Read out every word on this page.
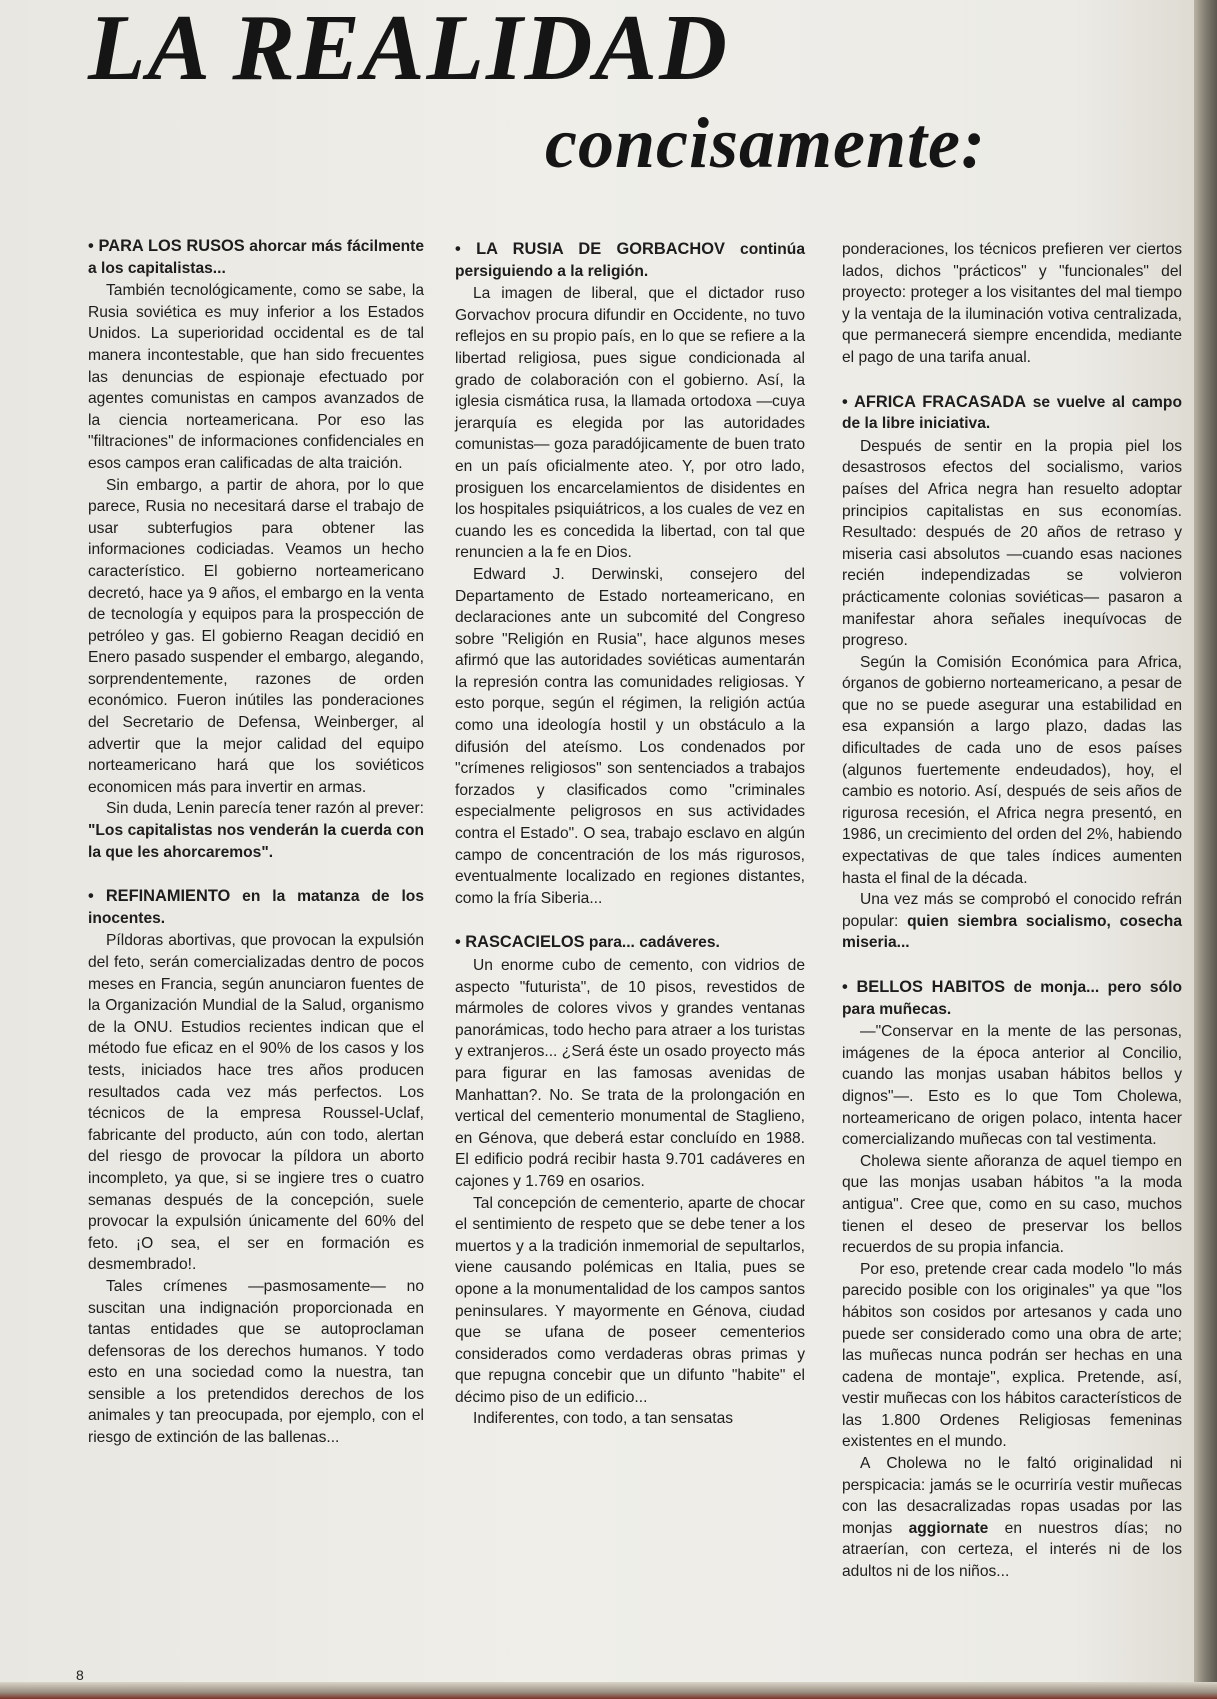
LA REALIDAD
concisamente:

• PARA LOS RUSOS ahorcar más fácilmente a los capitalistas...

También tecnológicamente, como se sabe, la Rusia soviética es muy inferior a los Estados Unidos. La superioridad occidental es de tal manera incontestable, que han sido frecuentes las denuncias de espionaje efectuado por agentes comunistas en campos avanzados de la ciencia norteamericana. Por eso las "filtraciones" de informaciones confidenciales en esos campos eran calificadas de alta traición.

Sin embargo, a partir de ahora, por lo que parece, Rusia no necesitará darse el trabajo de usar subterfugios para obtener las informaciones codiciadas. Veamos un hecho característico. El gobierno norteamericano decretó, hace ya 9 años, el embargo en la venta de tecnología y equipos para la prospección de petróleo y gas. El gobierno Reagan decidió en Enero pasado suspender el embargo, alegando, sorprendentemente, razones de orden económico. Fueron inútiles las ponderaciones del Secretario de Defensa, Weinberger, al advertir que la mejor calidad del equipo norteamericano hará que los soviéticos economicen más para invertir en armas.

Sin duda, Lenin parecía tener razón al prever: "Los capitalistas nos venderán la cuerda con la que les ahorcaremos".

• REFINAMIENTO en la matanza de los inocentes.

Píldoras abortivas, que provocan la expulsión del feto, serán comercializadas dentro de pocos meses en Francia, según anunciaron fuentes de la Organización Mundial de la Salud, organismo de la ONU. Estudios recientes indican que el método fue eficaz en el 90% de los casos y los tests, iniciados hace tres años producen resultados cada vez más perfectos. Los técnicos de la empresa Roussel-Uclaf, fabricante del producto, aún con todo, alertan del riesgo de provocar la píldora un aborto incompleto, ya que, si se ingiere tres o cuatro semanas después de la concepción, suele provocar la expulsión únicamente del 60% del feto. ¡O sea, el ser en formación es desmembrado!.

Tales crímenes —pasmosamente— no suscitan una indignación proporcionada en tantas entidades que se autoproclaman defensoras de los derechos humanos. Y todo esto en una sociedad como la nuestra, tan sensible a los pretendidos derechos de los animales y tan preocupada, por ejemplo, con el riesgo de extinción de las ballenas...

• LA RUSIA DE GORBACHOV continúa persiguiendo a la religión.

La imagen de liberal, que el dictador ruso Gorvachov procura difundir en Occidente, no tuvo reflejos en su propio país, en lo que se refiere a la libertad religiosa, pues sigue condicionada al grado de colaboración con el gobierno. Así, la iglesia cismática rusa, la llamada ortodoxa —cuya jerarquía es elegida por las autoridades comunistas— goza paradójicamente de buen trato en un país oficialmente ateo. Y, por otro lado, prosiguen los encarcelamientos de disidentes en los hospitales psiquiátricos, a los cuales de vez en cuando les es concedida la libertad, con tal que renuncien a la fe en Dios.

Edward J. Derwinski, consejero del Departamento de Estado norteamericano, en declaraciones ante un subcomité del Congreso sobre "Religión en Rusia", hace algunos meses afirmó que las autoridades soviéticas aumentarán la represión contra las comunidades religiosas. Y esto porque, según el régimen, la religión actúa como una ideología hostil y un obstáculo a la difusión del ateísmo. Los condenados por "crímenes religiosos" son sentenciados a trabajos forzados y clasificados como "criminales especialmente peligrosos en sus actividades contra el Estado". O sea, trabajo esclavo en algún campo de concentración de los más rigurosos, eventualmente localizado en regiones distantes, como la fría Siberia...

• RASCACIELOS para... cadáveres.

Un enorme cubo de cemento, con vidrios de aspecto "futurista", de 10 pisos, revestidos de mármoles de colores vivos y grandes ventanas panorámicas, todo hecho para atraer a los turistas y extranjeros... ¿Será éste un osado proyecto más para figurar en las famosas avenidas de Manhattan?. No. Se trata de la prolongación en vertical del cementerio monumental de Staglieno, en Génova, que deberá estar concluído en 1988. El edificio podrá recibir hasta 9.701 cadáveres en cajones y 1.769 en osarios.

Tal concepción de cementerio, aparte de chocar el sentimiento de respeto que se debe tener a los muertos y a la tradición inmemorial de sepultarlos, viene causando polémicas en Italia, pues se opone a la monumentalidad de los campos santos peninsulares. Y mayormente en Génova, ciudad que se ufana de poseer cementerios considerados como verdaderas obras primas y que repugna concebir que un difunto "habite" el décimo piso de un edificio...

Indiferentes, con todo, a tan sensatas

ponderaciones, los técnicos prefieren ver ciertos lados, dichos "prácticos" y "funcionales" del proyecto: proteger a los visitantes del mal tiempo y la ventaja de la iluminación votiva centralizada, que permanecerá siempre encendida, mediante el pago de una tarifa anual.

• AFRICA FRACASADA se vuelve al campo de la libre iniciativa.

Después de sentir en la propia piel los desastrosos efectos del socialismo, varios países del Africa negra han resuelto adoptar principios capitalistas en sus economías. Resultado: después de 20 años de retraso y miseria casi absolutos —cuando esas naciones recién independizadas se volvieron prácticamente colonias soviéticas— pasaron a manifestar ahora señales inequívocas de progreso.

Según la Comisión Económica para Africa, órganos de gobierno norteamericano, a pesar de que no se puede asegurar una estabilidad en esa expansión a largo plazo, dadas las dificultades de cada uno de esos países (algunos fuertemente endeudados), hoy, el cambio es notorio. Así, después de seis años de rigurosa recesión, el Africa negra presentó, en 1986, un crecimiento del orden del 2%, habiendo expectativas de que tales índices aumenten hasta el final de la década.

Una vez más se comprobó el conocido refrán popular: quien siembra socialismo, cosecha miseria...

• BELLOS HABITOS de monja... pero sólo para muñecas.

—"Conservar en la mente de las personas, imágenes de la época anterior al Concilio, cuando las monjas usaban hábitos bellos y dignos"—. Esto es lo que Tom Cholewa, norteamericano de origen polaco, intenta hacer comercializando muñecas con tal vestimenta.

Cholewa siente añoranza de aquel tiempo en que las monjas usaban hábitos "a la moda antigua". Cree que, como en su caso, muchos tienen el deseo de preservar los bellos recuerdos de su propia infancia.

Por eso, pretende crear cada modelo "lo más parecido posible con los originales" ya que "los hábitos son cosidos por artesanos y cada uno puede ser considerado como una obra de arte; las muñecas nunca podrán ser hechas en una cadena de montaje", explica. Pretende, así, vestir muñecas con los hábitos característicos de las 1.800 Ordenes Religiosas femeninas existentes en el mundo.

A Cholewa no le faltó originalidad ni perspicacia: jamás se le ocurriría vestir muñecas con las desacralizadas ropas usadas por las monjas aggiornate en nuestros días; no atraerían, con certeza, el interés ni de los adultos ni de los niños...

8
